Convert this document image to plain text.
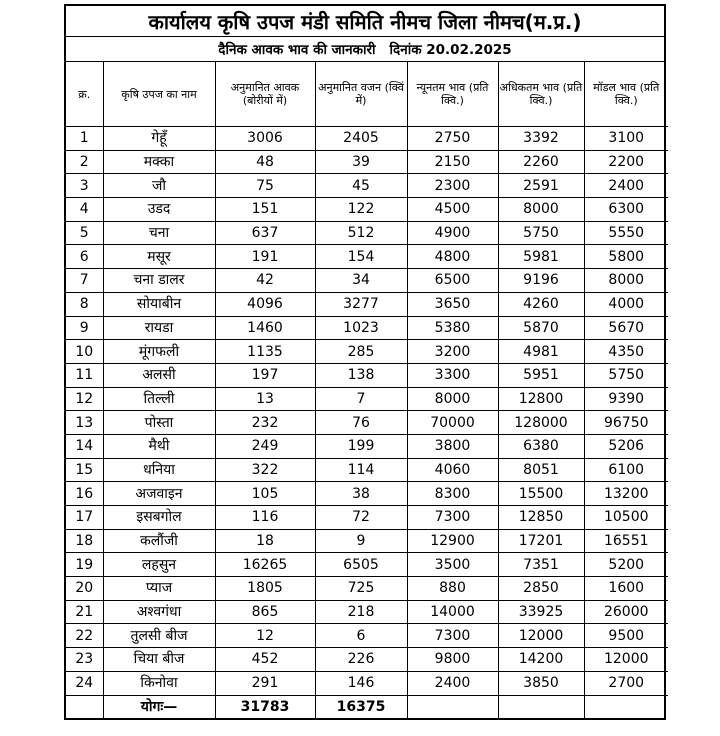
कार्यालय कृषि उपज मंडी समिति नीमच जिला नीमच(म.प्र.)
दैनिक आवक भाव की जानकारी दिनांक 20.02.2025
क्र.	कृषि उपज का नाम	अनुमानित आवक (बोरीयों में)	अनुमानित वजन (क्विं में)	न्यूनतम भाव (प्रति क्वि.)	अधिकतम भाव (प्रति क्वि.)	मॉडल भाव (प्रति क्वि.)
1	गेहूँ	3006	2405	2750	3392	3100
2	मक्का	48	39	2150	2260	2200
3	जौ	75	45	2300	2591	2400
4	उडद	151	122	4500	8000	6300
5	चना	637	512	4900	5750	5550
6	मसूर	191	154	4800	5981	5800
7	चना डालर	42	34	6500	9196	8000
8	सोयाबीन	4096	3277	3650	4260	4000
9	रायडा	1460	1023	5380	5870	5670
10	मूंगफली	1135	285	3200	4981	4350
11	अलसी	197	138	3300	5951	5750
12	तिल्ली	13	7	8000	12800	9390
13	पोस्ता	232	76	70000	128000	96750
14	मैथी	249	199	3800	6380	5206
15	धनिया	322	114	4060	8051	6100
16	अजवाइन	105	38	8300	15500	13200
17	इसबगोल	116	72	7300	12850	10500
18	कलौंजी	18	9	12900	17201	16551
19	लहसुन	16265	6505	3500	7351	5200
20	प्याज	1805	725	880	2850	1600
21	अश्वगंधा	865	218	14000	33925	26000
22	तुलसी बीज	12	6	7300	12000	9500
23	चिया बीज	452	226	9800	14200	12000
24	किनोवा	291	146	2400	3850	2700
	योगः—	31783	16375			
